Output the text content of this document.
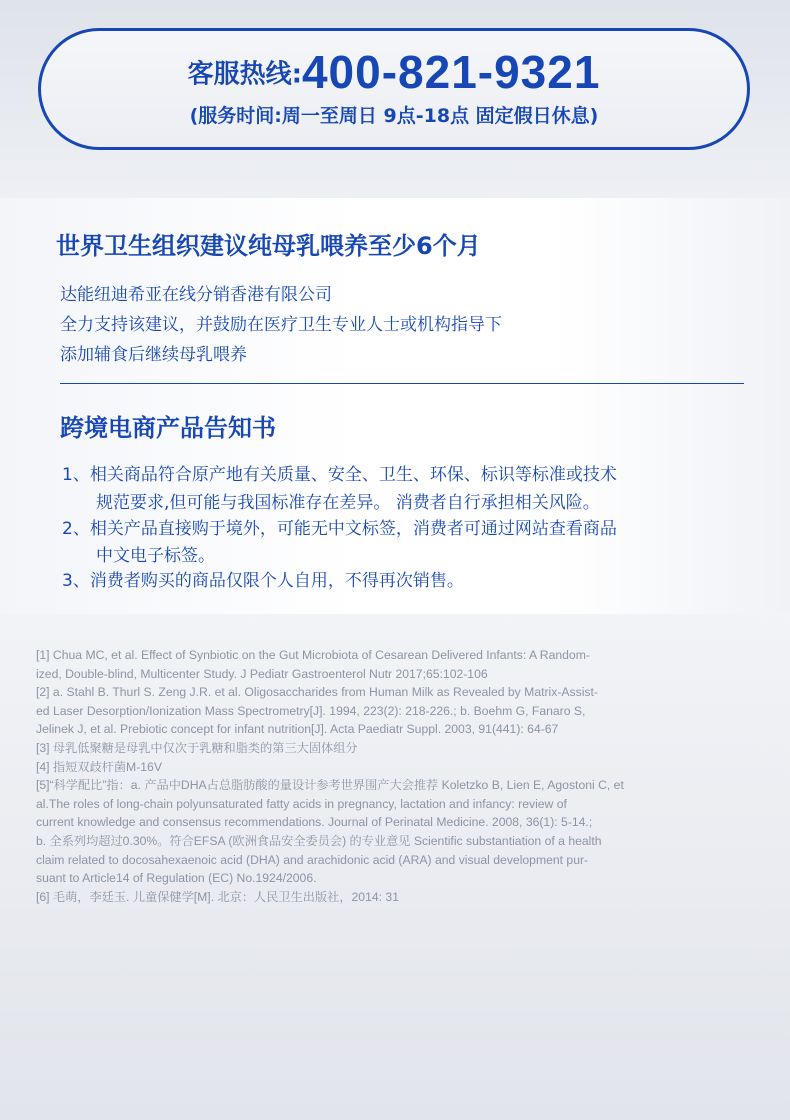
客服热线:400-821-9321
(服务时间:周一至周日 9点-18点 固定假日休息)
世界卫生组织建议纯母乳喂养至少6个月
达能纽迪希亚在线分销香港有限公司
全力支持该建议，并鼓励在医疗卫生专业人士或机构指导下
添加辅食后继续母乳喂养
跨境电商产品告知书
1、相关商品符合原产地有关质量、安全、卫生、环保、标识等标准或技术
规范要求,但可能与我国标准存在差异。 消费者自行承担相关风险。
2、相关产品直接购于境外，可能无中文标签，消费者可通过网站查看商品
中文电子标签。
3、消费者购买的商品仅限个人自用，不得再次销售。
[1] Chua MC, et al. Effect of Synbiotic on the Gut Microbiota of Cesarean Delivered Infants: A Random-
ized, Double-blind, Multicenter Study. J Pediatr Gastroenterol Nutr 2017;65:102-106
[2] a. Stahl B. Thurl S. Zeng J.R. et al. Oligosaccharides from Human Milk as Revealed by Matrix-Assist-
ed Laser Desorption/Ionization Mass Spectrometry[J]. 1994, 223(2): 218-226.; b. Boehm G, Fanaro S,
Jelinek J, et al. Prebiotic concept for infant nutrition[J]. Acta Paediatr Suppl. 2003, 91(441): 64-67
[3] 母乳低聚糖是母乳中仅次于乳糖和脂类的第三大固体组分
[4] 指短双歧杆菌M-16V
[5]“科学配比”指：a. 产品中DHA占总脂肪酸的量设计参考世界围产大会推荐 Koletzko B, Lien E, Agostoni C, et
al.The roles of long-chain polyunsaturated fatty acids in pregnancy, lactation and infancy: review of
current knowledge and consensus recommendations. Journal of Perinatal Medicine. 2008, 36(1): 5-14.;
b. 全系列均超过0.30%。符合EFSA (欧洲食品安全委员会) 的专业意见 Scientific substantiation of a health
claim related to docosahexaenoic acid (DHA) and arachidonic acid (ARA) and visual development pur-
suant to Article14 of Regulation (EC) No.1924/2006.
[6] 毛萌，李廷玉. 儿童保健学[M]. 北京：人民卫生出版社，2014: 31
